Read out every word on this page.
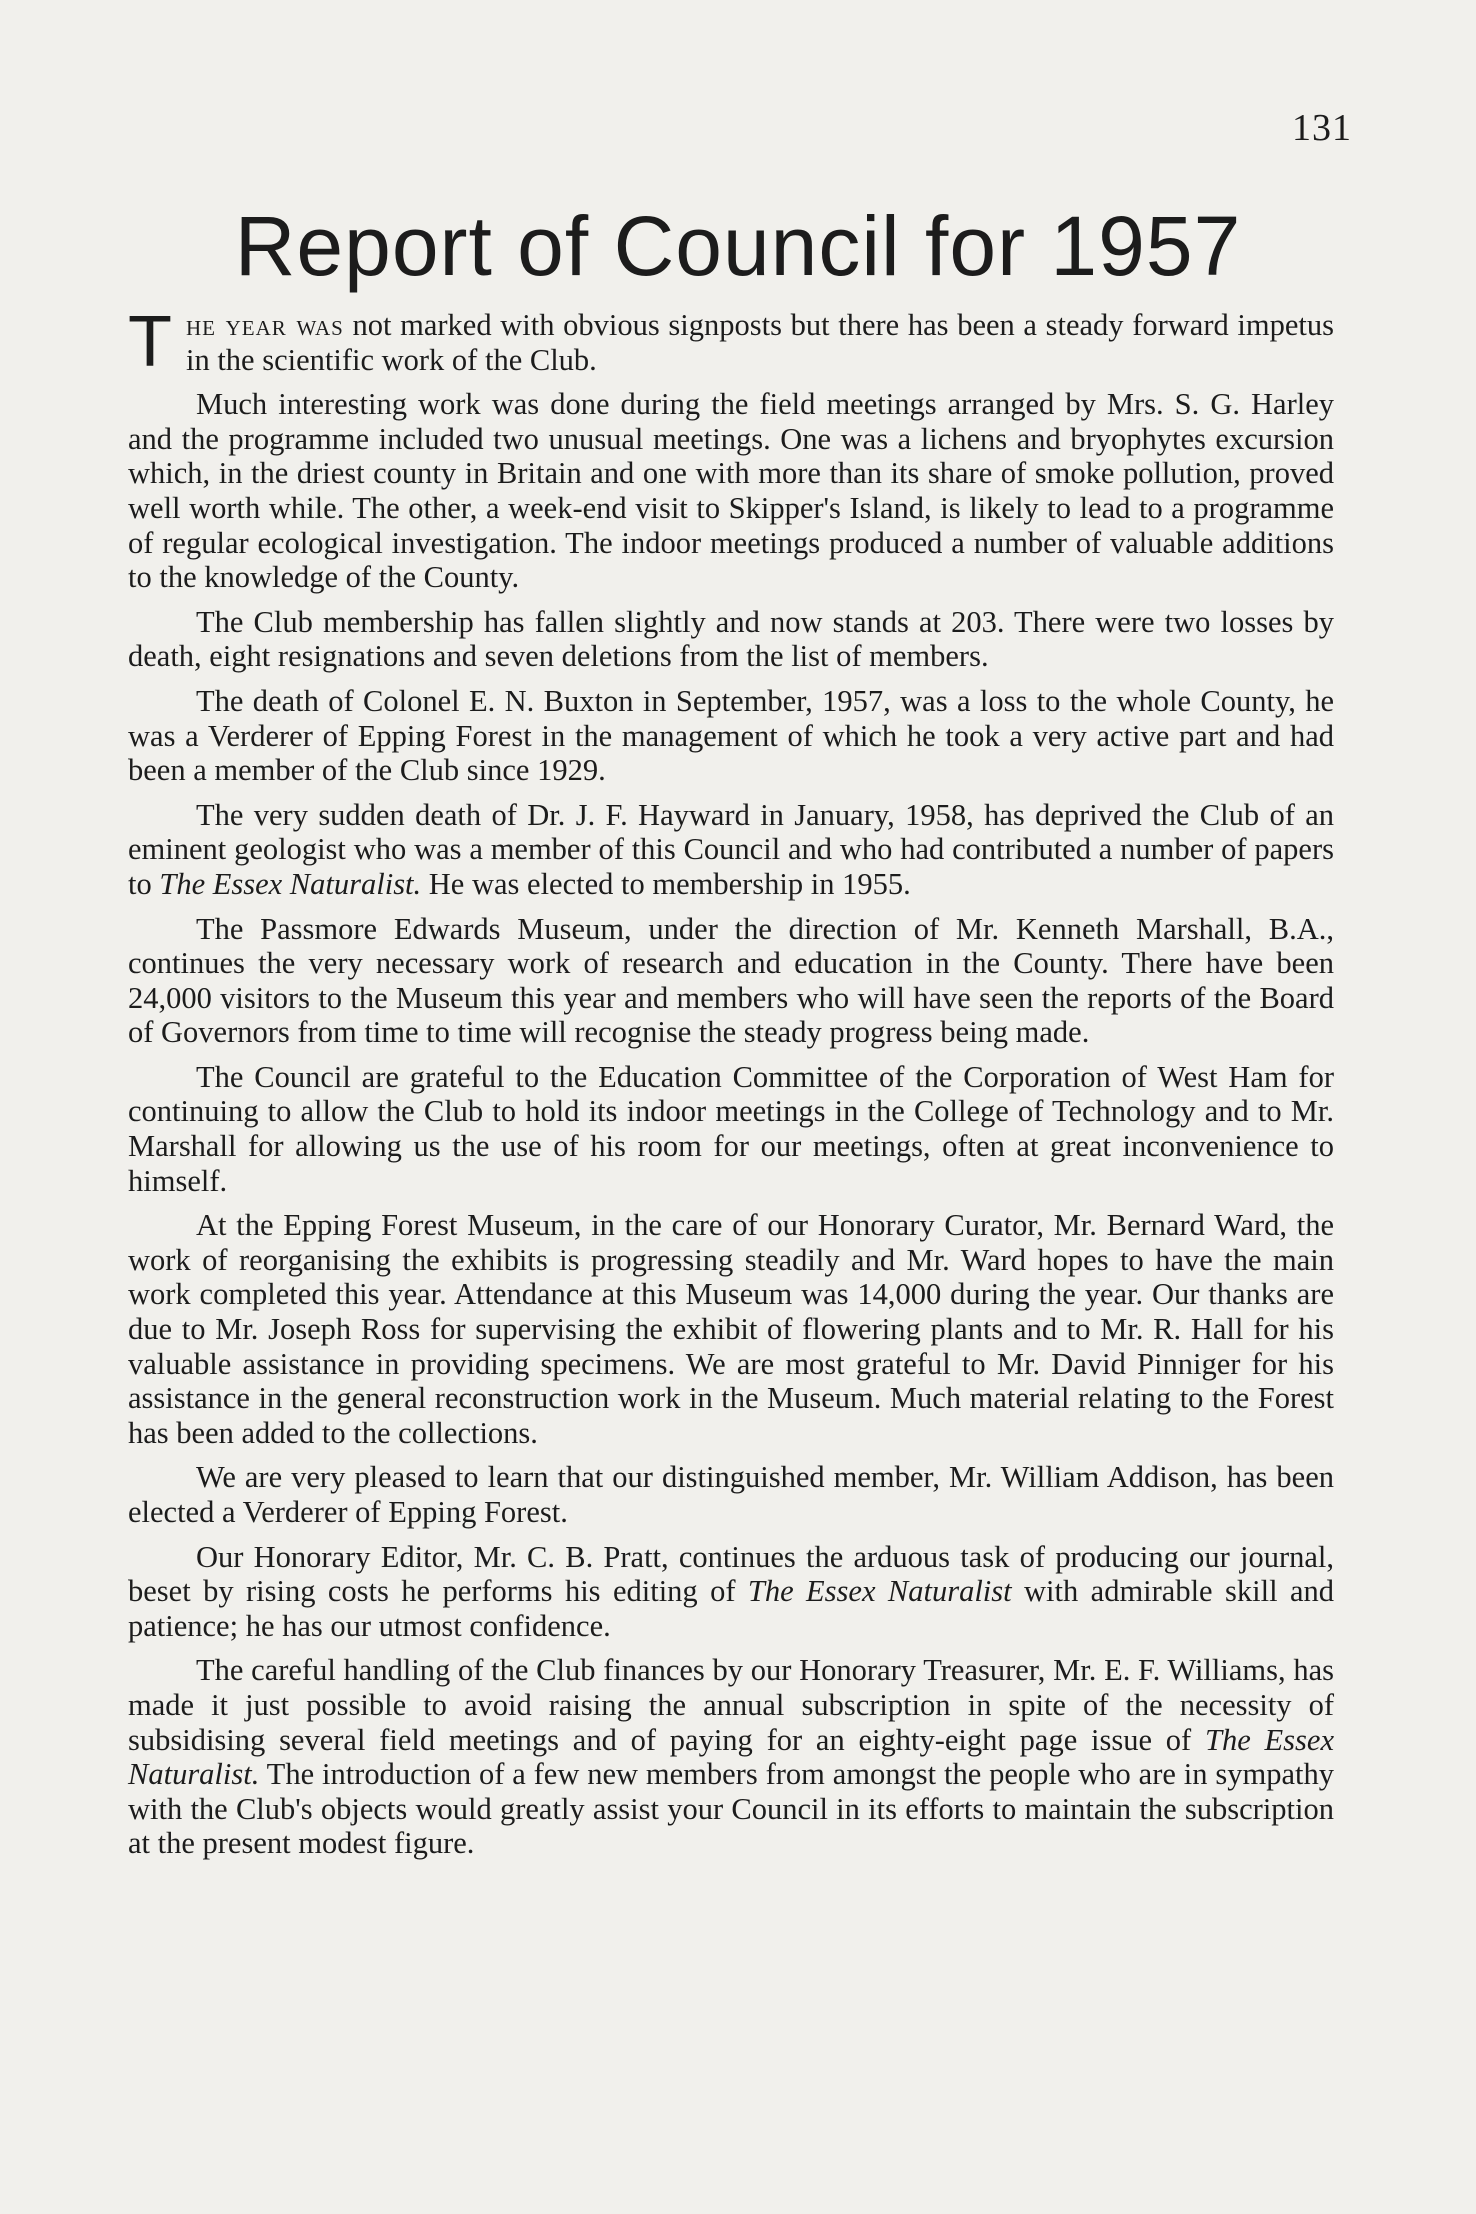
131
Report of Council for 1957

The year was not marked with obvious signposts but there has been a steady forward impetus in the scientific work of the Club.

Much interesting work was done during the field meetings arranged by Mrs. S. G. Harley and the programme included two unusual meetings. One was a lichens and bryophytes excursion which, in the driest county in Britain and one with more than its share of smoke pollution, proved well worth while. The other, a week-end visit to Skipper's Island, is likely to lead to a programme of regular ecological investigation. The indoor meetings produced a number of valuable additions to the knowledge of the County.

The Club membership has fallen slightly and now stands at 203. There were two losses by death, eight resignations and seven deletions from the list of members.

The death of Colonel E. N. Buxton in September, 1957, was a loss to the whole County, he was a Verderer of Epping Forest in the management of which he took a very active part and had been a member of the Club since 1929.

The very sudden death of Dr. J. F. Hayward in January, 1958, has deprived the Club of an eminent geologist who was a member of this Council and who had contributed a number of papers to The Essex Naturalist. He was elected to membership in 1955.

The Passmore Edwards Museum, under the direction of Mr. Kenneth Marshall, B.A., continues the very necessary work of research and education in the County. There have been 24,000 visitors to the Museum this year and members who will have seen the reports of the Board of Governors from time to time will recognise the steady progress being made.

The Council are grateful to the Education Committee of the Corporation of West Ham for continuing to allow the Club to hold its indoor meetings in the College of Technology and to Mr. Marshall for allowing us the use of his room for our meetings, often at great inconvenience to himself.

At the Epping Forest Museum, in the care of our Honorary Curator, Mr. Bernard Ward, the work of reorganising the exhibits is progressing steadily and Mr. Ward hopes to have the main work completed this year. Attendance at this Museum was 14,000 during the year. Our thanks are due to Mr. Joseph Ross for supervising the exhibit of flowering plants and to Mr. R. Hall for his valuable assistance in providing specimens. We are most grateful to Mr. David Pinniger for his assistance in the general reconstruction work in the Museum. Much material relating to the Forest has been added to the collections.

We are very pleased to learn that our distinguished member, Mr. William Addison, has been elected a Verderer of Epping Forest.

Our Honorary Editor, Mr. C. B. Pratt, continues the arduous task of producing our journal, beset by rising costs he performs his editing of The Essex Naturalist with admirable skill and patience; he has our utmost confidence.

The careful handling of the Club finances by our Honorary Treasurer, Mr. E. F. Williams, has made it just possible to avoid raising the annual subscription in spite of the necessity of subsidising several field meetings and of paying for an eighty-eight page issue of The Essex Naturalist. The introduction of a few new members from amongst the people who are in sympathy with the Club's objects would greatly assist your Council in its efforts to maintain the subscription at the present modest figure.
